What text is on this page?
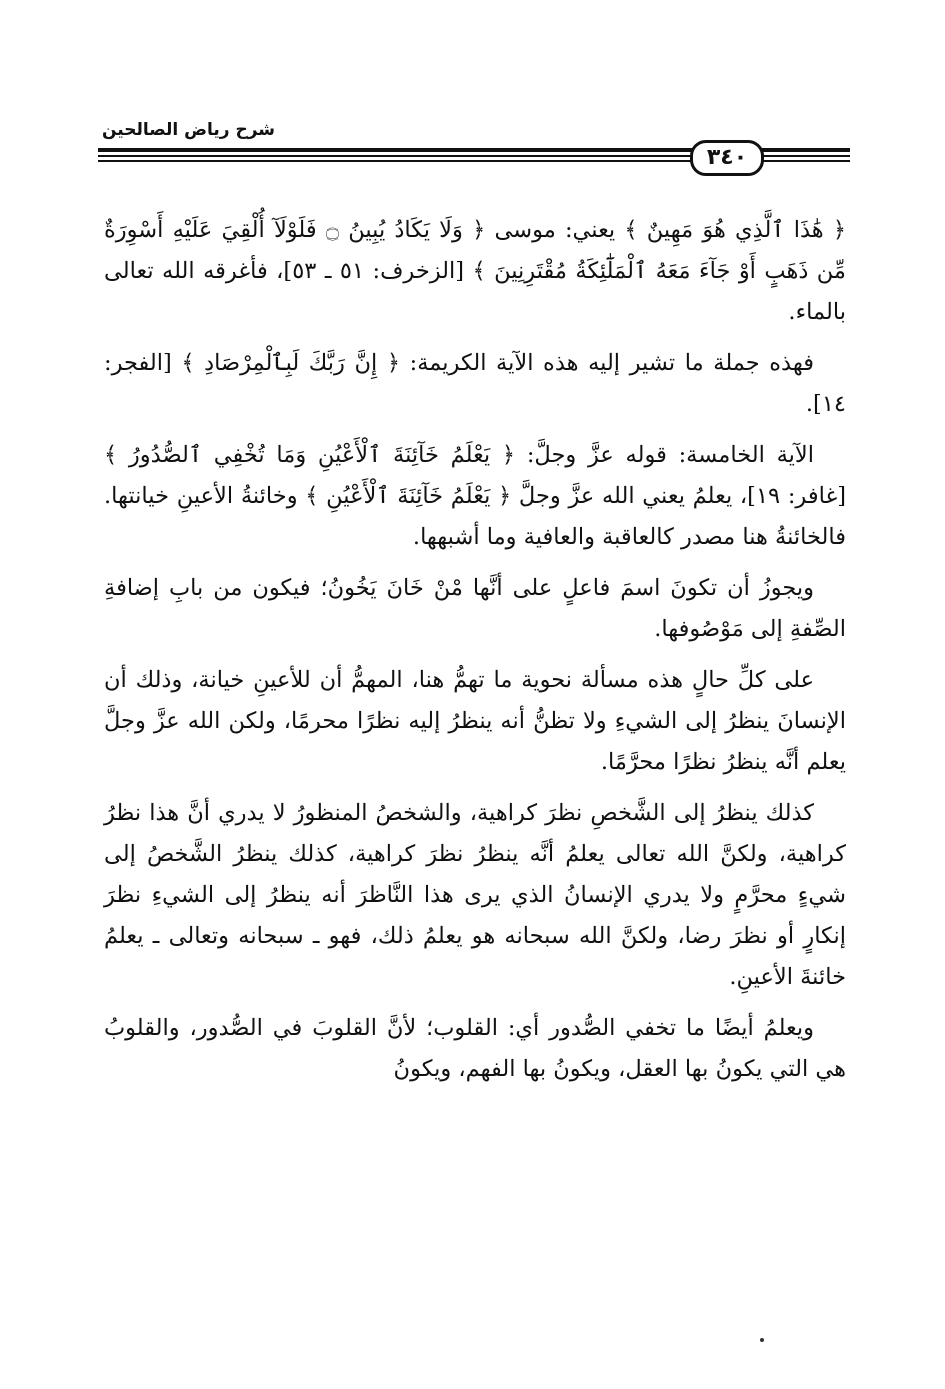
شرح رياض الصالحين
٣٤٠

﴿ هَٰذَا ٱلَّذِي هُوَ مَهِينٌ ﴾ يعني: موسى ﴿ وَلَا يَكَادُ يُبِينُ ۝ فَلَوْلَآ أُلْقِيَ عَلَيْهِ أَسْوِرَةٌ مِّن ذَهَبٍ أَوْ جَآءَ مَعَهُ ٱلْمَلَٰٓئِكَةُ مُقْتَرِنِينَ ﴾ [الزخرف: ٥١ ـ ٥٣]، فأغرقه الله تعالى بالماء.

فهذه جملة ما تشير إليه هذه الآية الكريمة: ﴿ إِنَّ رَبَّكَ لَبِٱلْمِرْصَادِ ﴾ [الفجر: ١٤].

الآية الخامسة: قوله عزَّ وجلَّ: ﴿ يَعْلَمُ خَآئِنَةَ ٱلْأَعْيُنِ وَمَا تُخْفِي ٱلصُّدُورُ ﴾ [غافر: ١٩]، يعلمُ يعني الله عزَّ وجلَّ ﴿ يَعْلَمُ خَآئِنَةَ ٱلْأَعْيُنِ ﴾ وخائنةُ الأعينِ خيانتها. فالخائنةُ هنا مصدر كالعاقبة والعافية وما أشبهها.

ويجوزُ أن تكونَ اسمَ فاعلٍ على أنَّها مْنْ خَانَ يَخُونُ؛ فيكون من بابِ إضافةِ الصِّفةِ إلى مَوْصُوفها.

على كلِّ حالٍ هذه مسألة نحوية ما تهمُّ هنا، المهمُّ أن للأعينِ خيانة، وذلك أن الإنسانَ ينظرُ إلى الشيءِ ولا تظنُّ أنه ينظرُ إليه نظرًا محرمًا، ولكن الله عزَّ وجلَّ يعلم أنَّه ينظرُ نظرًا محرَّمًا.

كذلك ينظرُ إلى الشَّخصِ نظرَ كراهية، والشخصُ المنظورُ لا يدري أنَّ هذا نظرُ كراهية، ولكنَّ الله تعالى يعلمُ أنَّه ينظرُ نظرَ كراهية، كذلك ينظرُ الشَّخصُ إلى شيءٍ محرَّمٍ ولا يدري الإنسانُ الذي يرى هذا النَّاظرَ أنه ينظرُ إلى الشيءِ نظرَ إنكارٍ أو نظرَ رضا، ولكنَّ الله سبحانه هو يعلمُ ذلك، فهو ـ سبحانه وتعالى ـ يعلمُ خائنةَ الأعينِ.

ويعلمُ أيضًا ما تخفي الصُّدور أي: القلوب؛ لأنَّ القلوبَ في الصُّدور، والقلوبُ هي التي يكونُ بها العقل، ويكونُ بها الفهم، ويكونُ
